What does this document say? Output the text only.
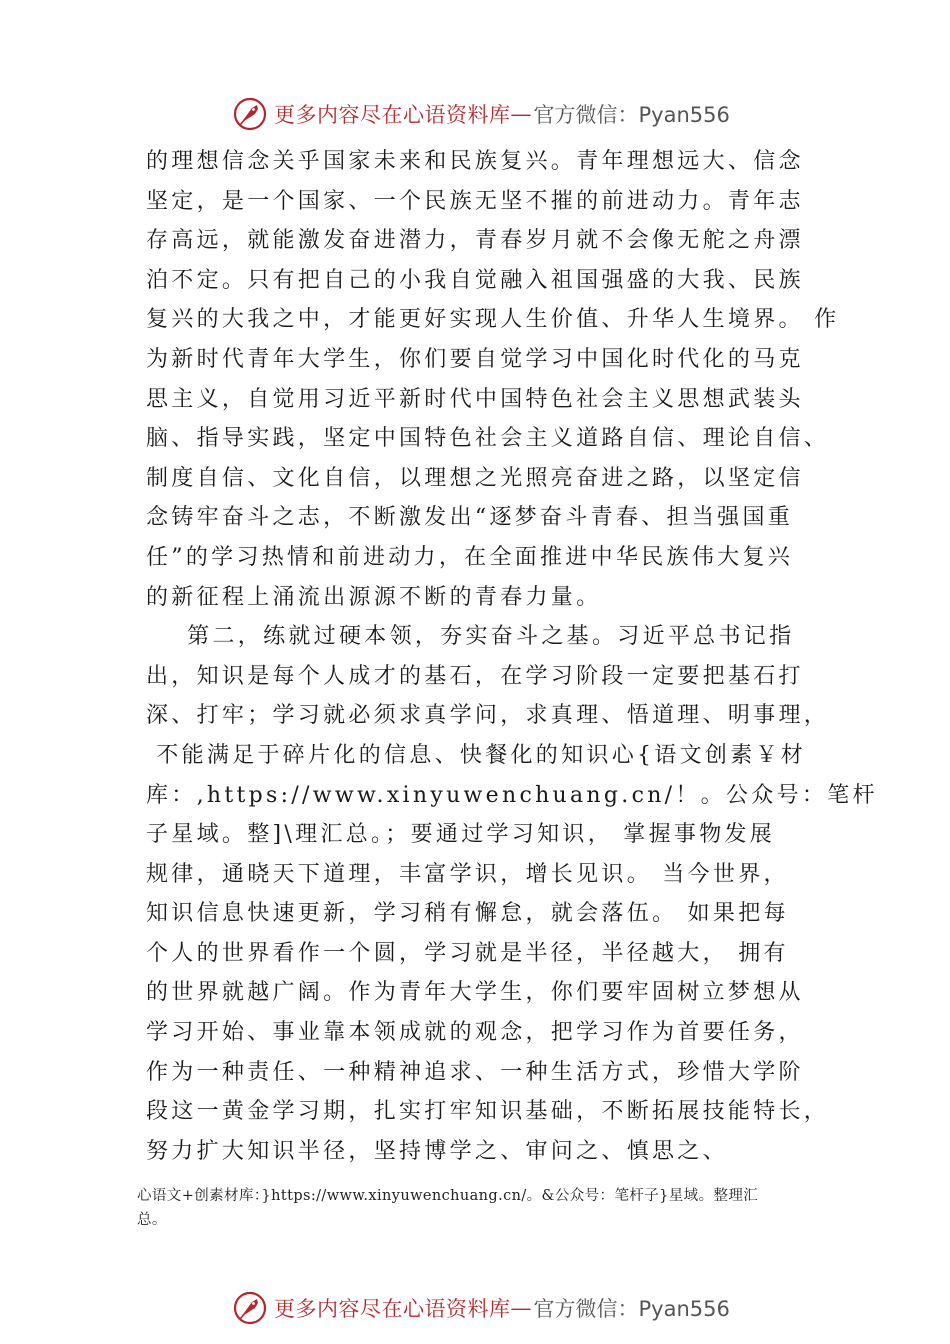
更多内容尽在心语资料库 — 官方微信：Pyan556
的理想信念关乎国家未来和民族复兴。青年理想远大、信念
坚定，是一个国家、一个民族无坚不摧的前进动力。青年志
存高远，就能激发奋进潜力，青春岁月就不会像无舵之舟漂
泊不定。只有把自己的小我自觉融入祖国强盛的大我、民族
复兴的大我之中，才能更好实现人生价值、升华人生境界。 作
为新时代青年大学生，你们要自觉学习中国化时代化的马克
思主义，自觉用习近平新时代中国特色社会主义思想武装头
脑、指导实践，坚定中国特色社会主义道路自信、理论自信、
制度自信、文化自信，以理想之光照亮奋进之路，以坚定信
念铸牢奋斗之志，不断激发出“逐梦奋斗青春、担当强国重
任”的学习热情和前进动力，在全面推进中华民族伟大复兴
的新征程上涌流出源源不断的青春力量。
第二，练就过硬本领，夯实奋斗之基。习近平总书记指
出，知识是每个人成才的基石，在学习阶段一定要把基石打
深、打牢；学习就必须求真学问，求真理、悟道理、明事理，
不能满足于碎片化的信息、快餐化的知识心{语文创素￥材
库：,https://www.xinyuwenchuang.cn/！。公众号：笔杆
子星域。整]\理汇总。；要通过学习知识， 掌握事物发展
规律，通晓天下道理，丰富学识，增长见识。 当今世界，
知识信息快速更新，学习稍有懈怠，就会落伍。 如果把每
个人的世界看作一个圆，学习就是半径，半径越大， 拥有
的世界就越广阔。作为青年大学生，你们要牢固树立梦想从
学习开始、事业靠本领成就的观念，把学习作为首要任务，
作为一种责任、一种精神追求、一种生活方式，珍惜大学阶
段这一黄金学习期，扎实打牢知识基础，不断拓展技能特长，
努力扩大知识半径，坚持博学之、审问之、慎思之、
心语文+创素材库：}https://www.xinyuwenchuang.cn/。&公众号：笔杆子}星域。整理汇
总。
更多内容尽在心语资料库 — 官方微信：Pyan556
